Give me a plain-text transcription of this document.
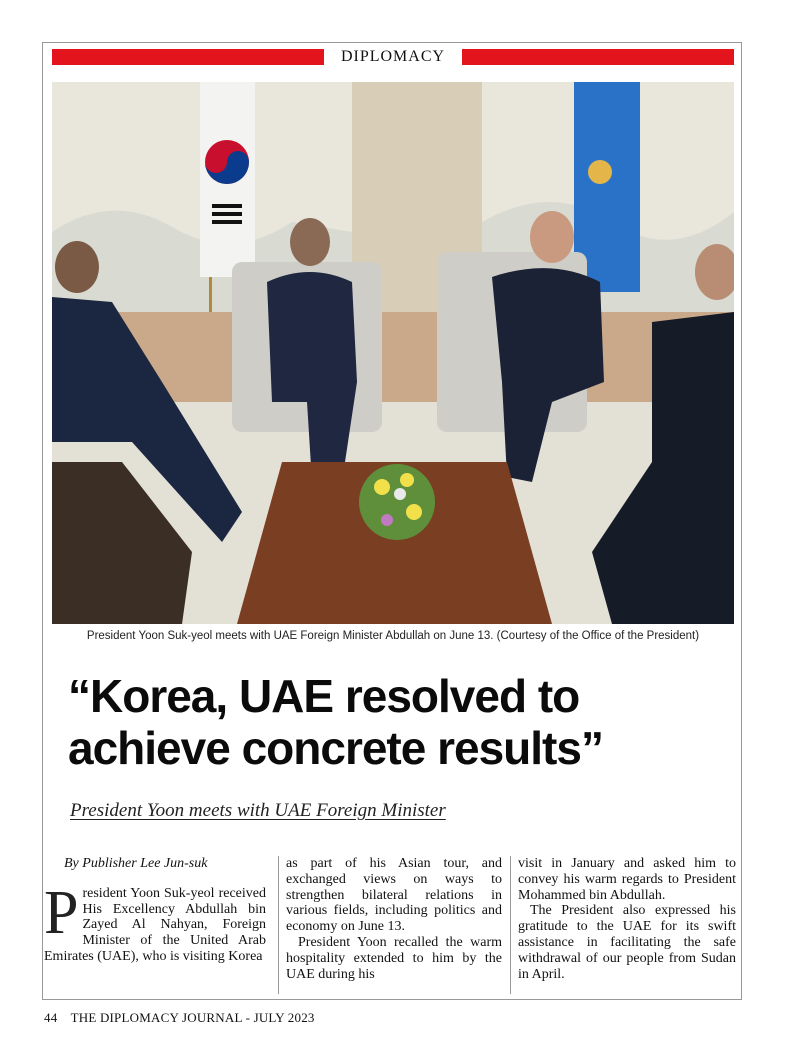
DIPLOMACY
President Yoon Suk-yeol meets with UAE Foreign Minister Abdullah on June 13. (Courtesy of the Office of the President)
“Korea, UAE resolved to
achieve concrete results”
President Yoon meets with UAE Foreign Minister
By Publisher Lee Jun-suk

President Yoon Suk-yeol received His Excellency Abdullah bin Zayed Al Nahyan, Foreign Minister of the United Arab Emirates (UAE), who is visiting Korea

as part of his Asian tour, and exchanged views on ways to strengthen bilateral relations in various fields, including politics and economy on June 13.

President Yoon recalled the warm hospitality extended to him by the UAE during his

visit in January and asked him to convey his warm regards to President Mohammed bin Abdullah.

The President also expressed his gratitude to the UAE for its swift assistance in facilitating the safe withdrawal of our people from Sudan in April.

44 THE DIPLOMACY JOURNAL - JULY 2023
